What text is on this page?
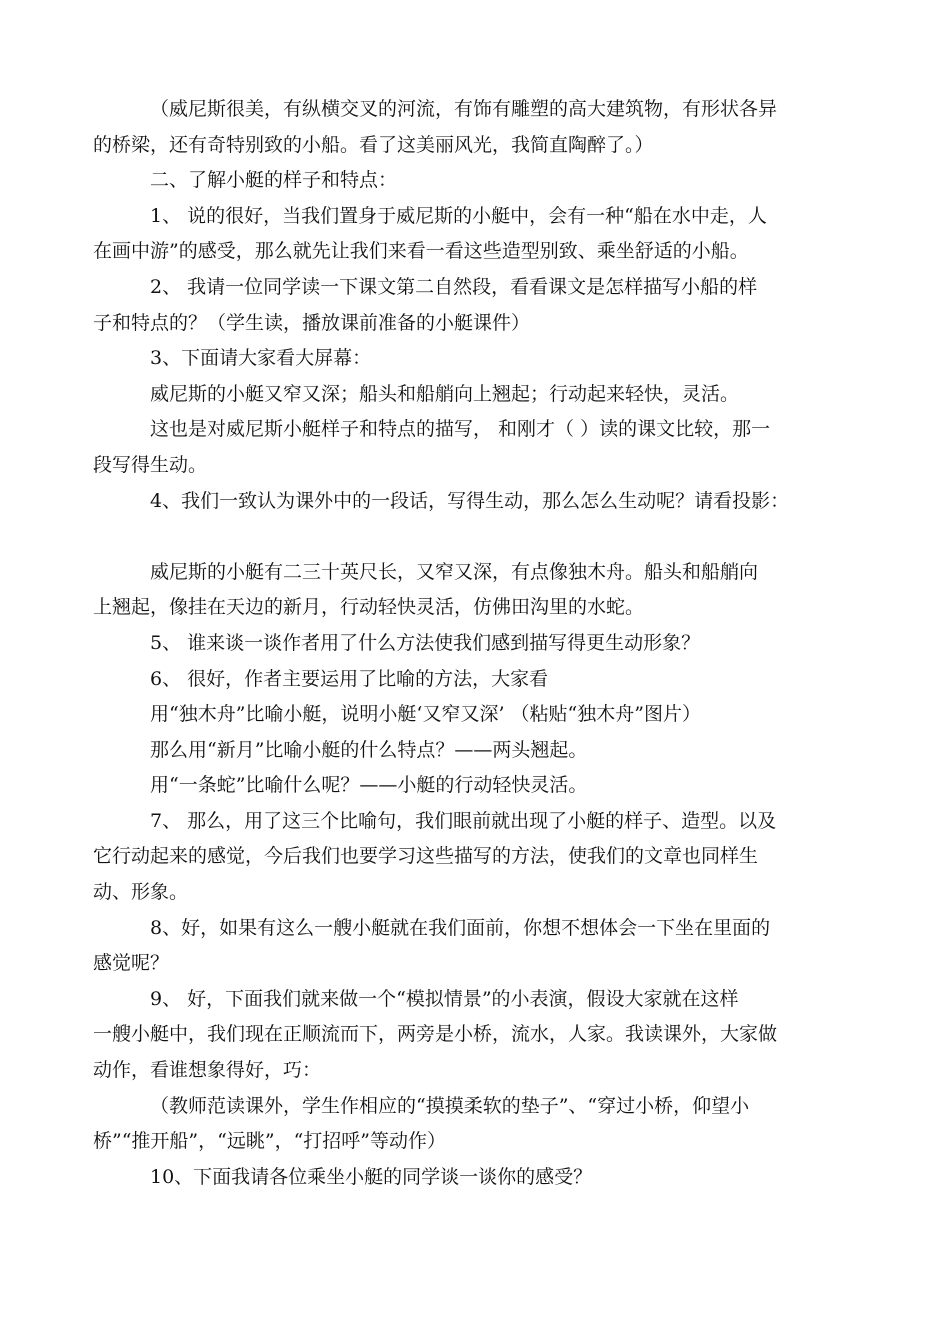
（威尼斯很美，有纵横交叉的河流，有饰有雕塑的高大建筑物，有形状各异
的桥梁，还有奇特别致的小船。看了这美丽风光，我简直陶醉了。）
二、了解小艇的样子和特点：
1、 说的很好，当我们置身于威尼斯的小艇中，会有一种“船在水中走，人
在画中游”的感受，那么就先让我们来看一看这些造型别致、乘坐舒适的小船。
2、 我请一位同学读一下课文第二自然段，看看课文是怎样描写小船的样
子和特点的？（学生读，播放课前准备的小艇课件）
3、下面请大家看大屏幕：
威尼斯的小艇又窄又深；船头和船艄向上翘起；行动起来轻快，灵活。
这也是对威尼斯小艇样子和特点的描写， 和刚才（ ）读的课文比较，那一
段写得生动。
4、我们一致认为课外中的一段话，写得生动，那么怎么生动呢？请看投影：
威尼斯的小艇有二三十英尺长，又窄又深，有点像独木舟。船头和船艄向
上翘起，像挂在天边的新月，行动轻快灵活，仿佛田沟里的水蛇。
5、 谁来谈一谈作者用了什么方法使我们感到描写得更生动形象？
6、 很好，作者主要运用了比喻的方法，大家看
用“独木舟”比喻小艇，说明小艇‘又窄又深’ （粘贴“独木舟”图片）
那么用“新月”比喻小艇的什么特点？——两头翘起。
用“一条蛇”比喻什么呢？——小艇的行动轻快灵活。
7、 那么，用了这三个比喻句，我们眼前就出现了小艇的样子、造型。以及
它行动起来的感觉，今后我们也要学习这些描写的方法，使我们的文章也同样生
动、形象。
8、好，如果有这么一艘小艇就在我们面前，你想不想体会一下坐在里面的
感觉呢？
9、 好，下面我们就来做一个“模拟情景”的小表演，假设大家就在这样
一艘小艇中，我们现在正顺流而下，两旁是小桥，流水，人家。我读课外，大家做
动作，看谁想象得好，巧：
（教师范读课外，学生作相应的“摸摸柔软的垫子”、“穿过小桥，仰望小
桥”“推开船”，“远眺”，“打招呼”等动作）
10、下面我请各位乘坐小艇的同学谈一谈你的感受？
